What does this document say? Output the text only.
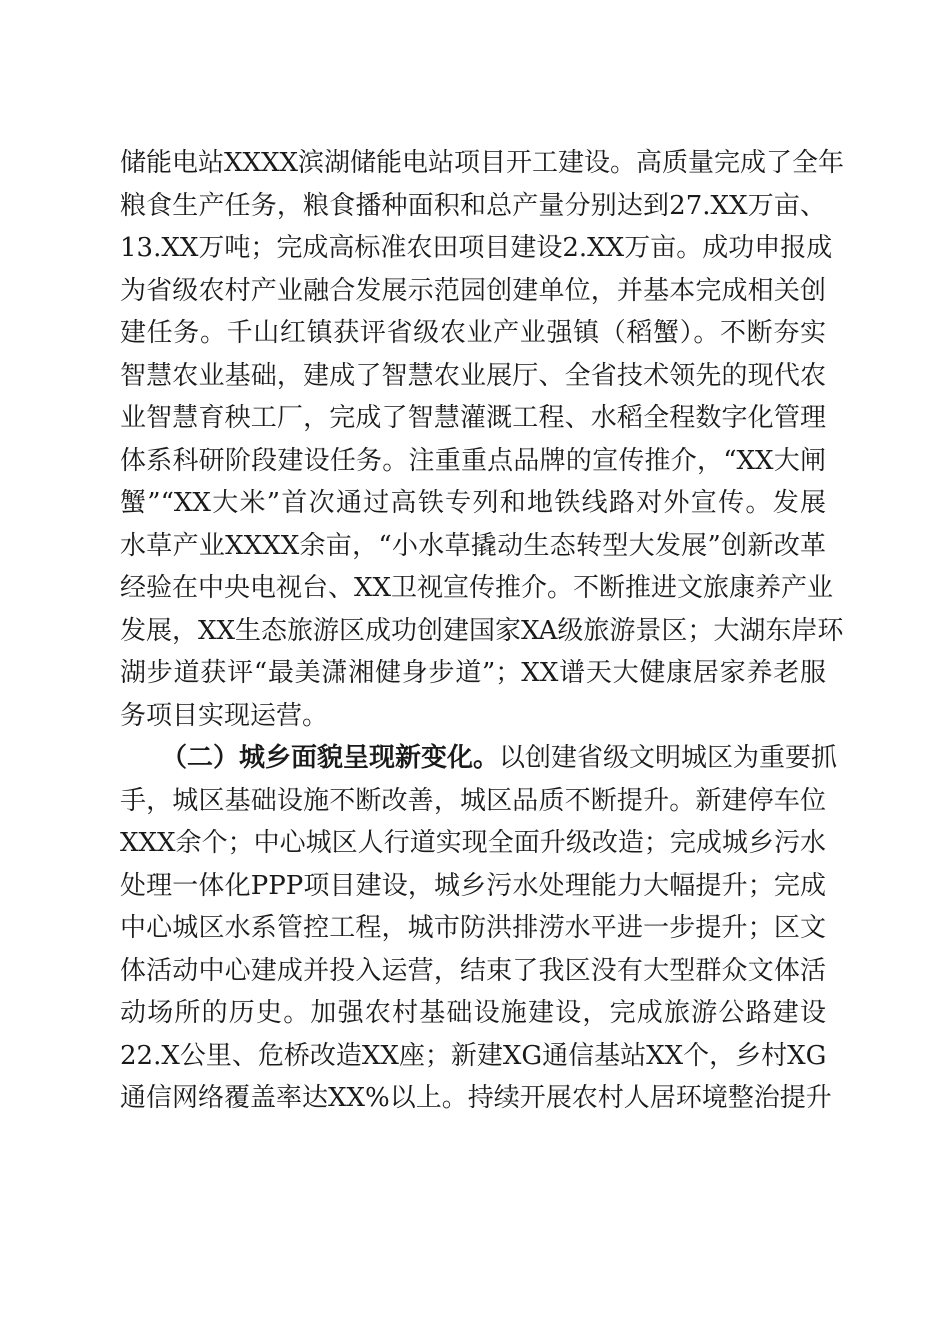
储能电站XXXX滨湖储能电站项目开工建设。高质量完成了全年
粮食生产任务，粮食播种面积和总产量分别达到27.XX万亩、
13.XX万吨；完成高标准农田项目建设2.XX万亩。成功申报成
为省级农村产业融合发展示范园创建单位，并基本完成相关创
建任务。千山红镇获评省级农业产业强镇（稻蟹）。不断夯实
智慧农业基础，建成了智慧农业展厅、全省技术领先的现代农
业智慧育秧工厂，完成了智慧灌溉工程、水稻全程数字化管理
体系科研阶段建设任务。注重重点品牌的宣传推介，“XX大闸
蟹”“XX大米”首次通过高铁专列和地铁线路对外宣传。发展
水草产业XXXX余亩，“小水草撬动生态转型大发展”创新改革
经验在中央电视台、XX卫视宣传推介。不断推进文旅康养产业
发展，XX生态旅游区成功创建国家XA级旅游景区；大湖东岸环
湖步道获评“最美潇湘健身步道”；XX谱天大健康居家养老服
务项目实现运营。
（二）城乡面貌呈现新变化。以创建省级文明城区为重要抓
手，城区基础设施不断改善，城区品质不断提升。新建停车位
XXX余个；中心城区人行道实现全面升级改造；完成城乡污水
处理一体化PPP项目建设，城乡污水处理能力大幅提升；完成
中心城区水系管控工程，城市防洪排涝水平进一步提升；区文
体活动中心建成并投入运营，结束了我区没有大型群众文体活
动场所的历史。加强农村基础设施建设，完成旅游公路建设
22.X公里、危桥改造XX座；新建XG通信基站XX个，乡村XG
通信网络覆盖率达XX%以上。持续开展农村人居环境整治提升
